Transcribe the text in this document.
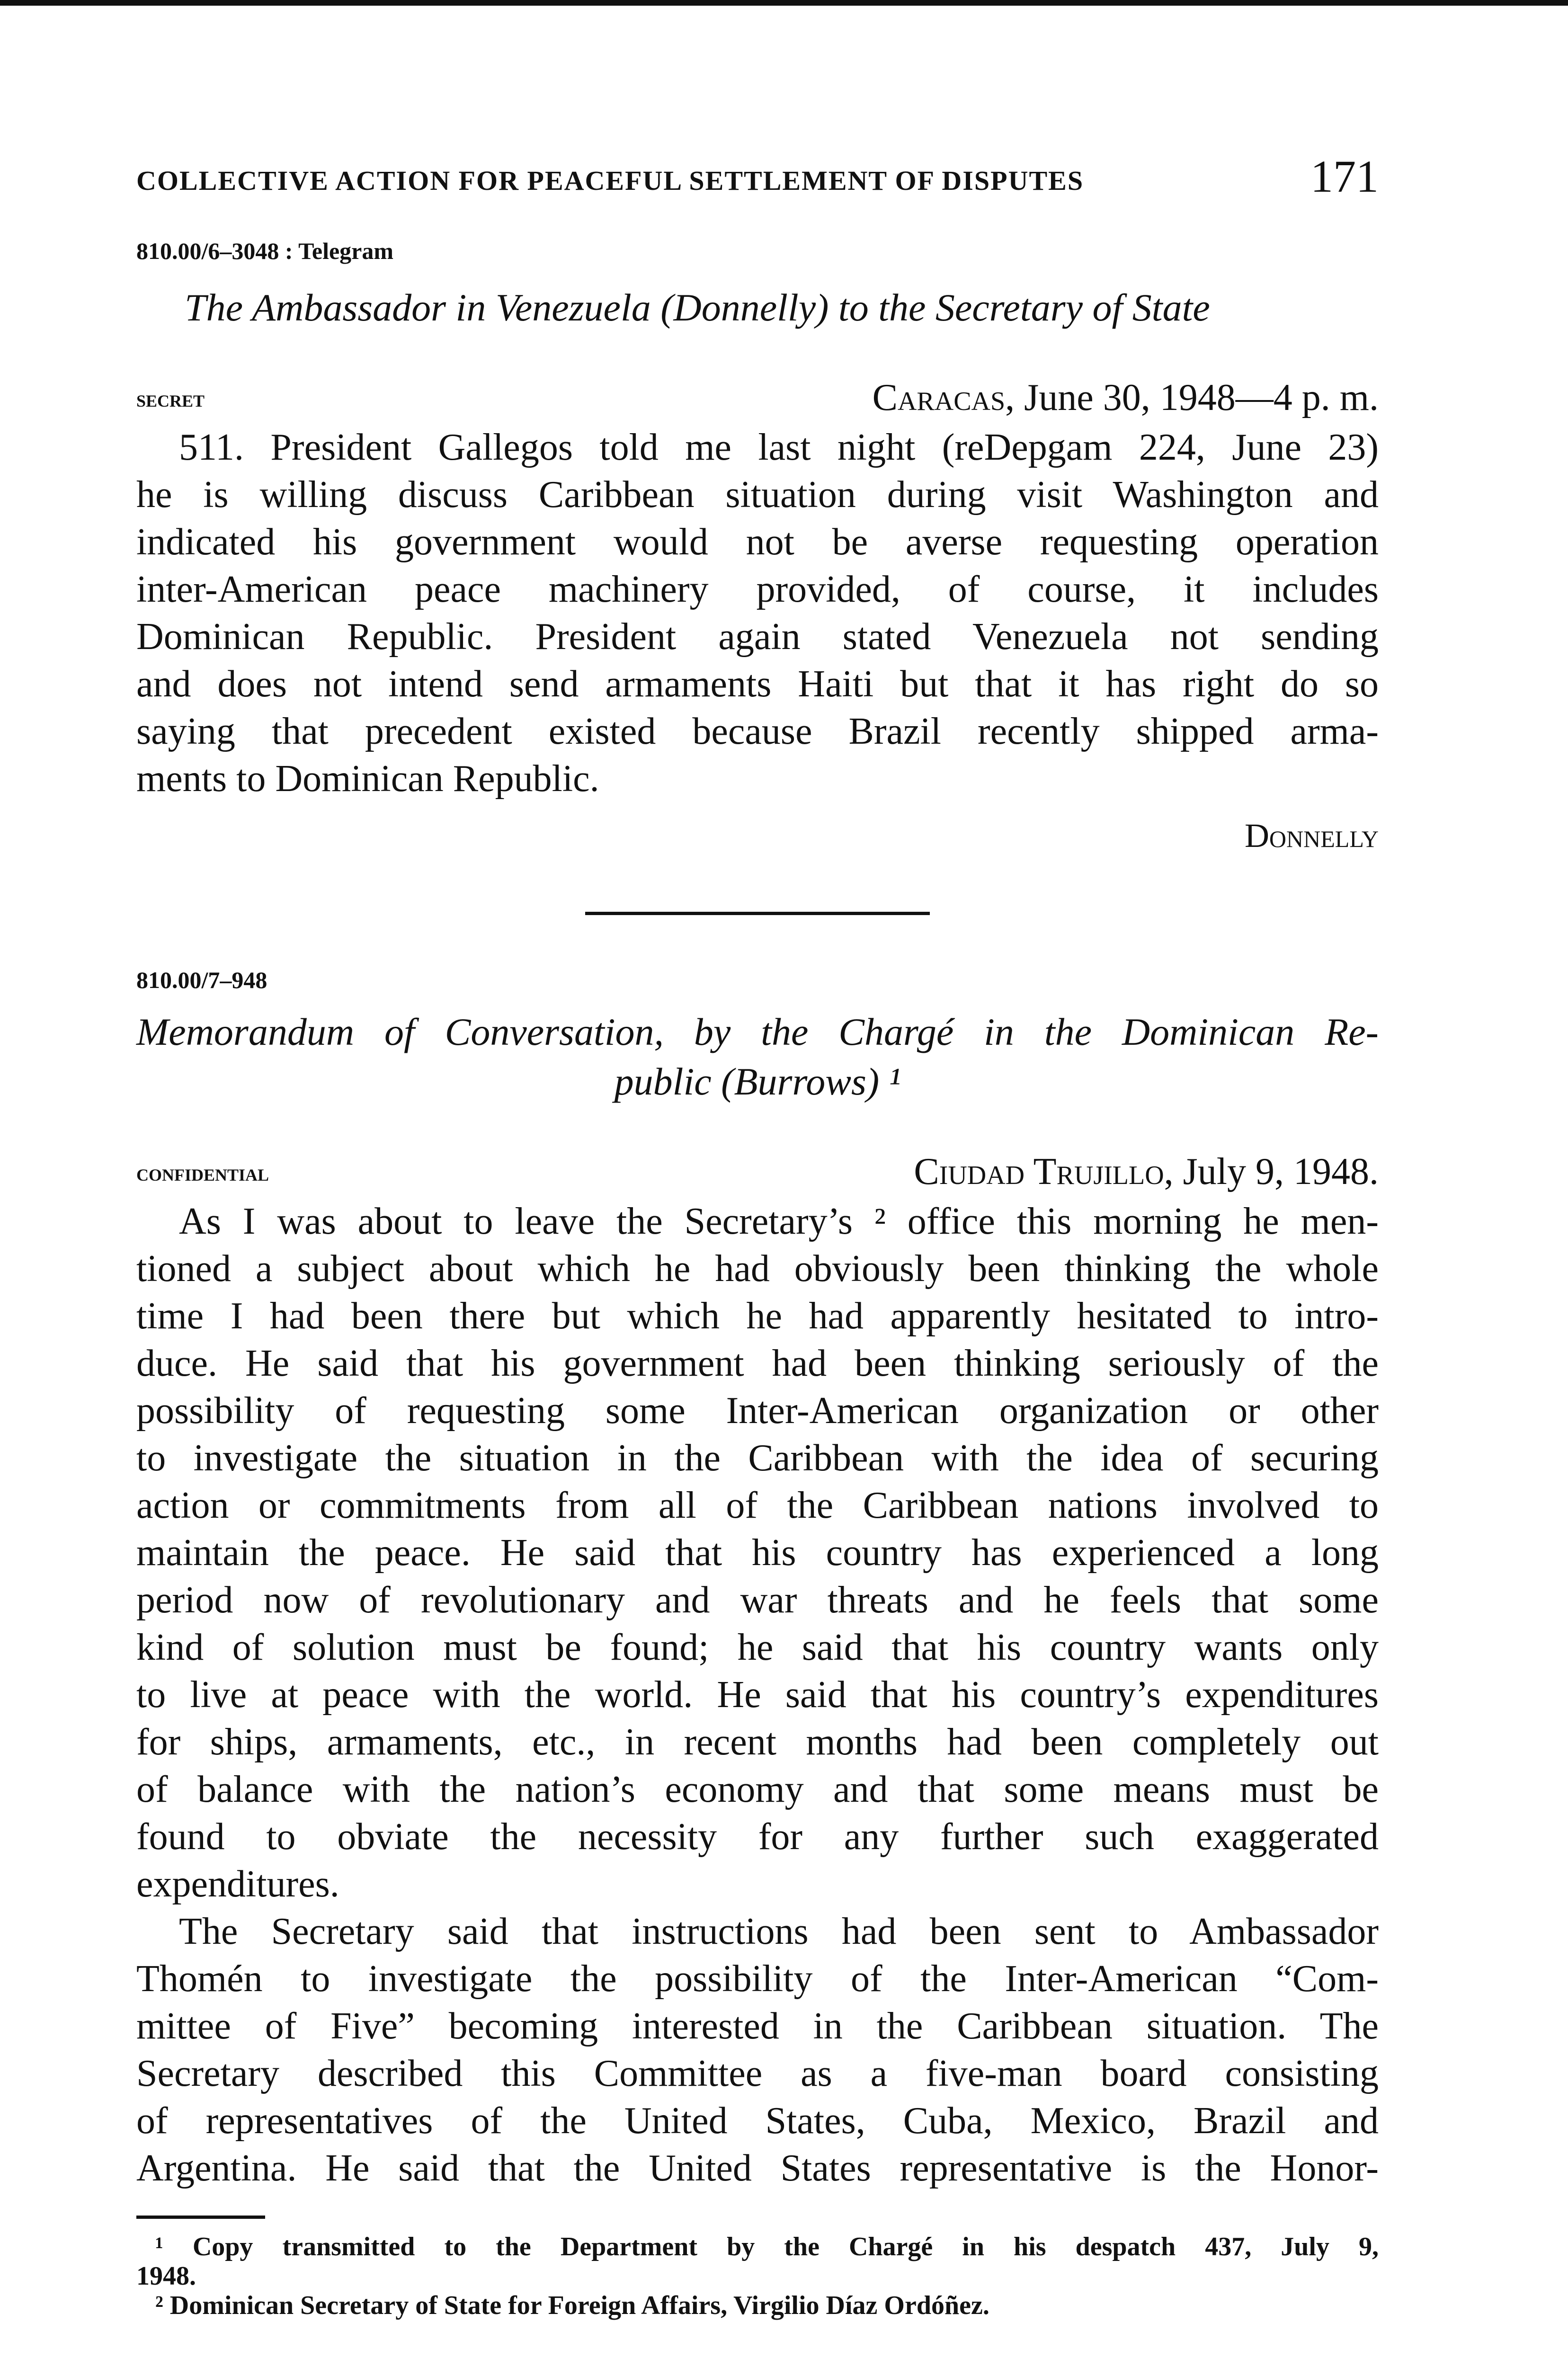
COLLECTIVE ACTION FOR PEACEFUL SETTLEMENT OF DISPUTES	171
810.00/6–3048 : Telegram
The Ambassador in Venezuela (Donnelly) to the Secretary of State
secret	Caracas, June 30, 1948—4 p. m.
511. President Gallegos told me last night (reDepgam 224, June 23)
he is willing discuss Caribbean situation during visit Washington and
indicated his government would not be averse requesting operation
inter-American peace machinery provided, of course, it includes
Dominican Republic. President again stated Venezuela not sending
and does not intend send armaments Haiti but that it has right do so
saying that precedent existed because Brazil recently shipped arma-
ments to Dominican Republic.
Donnelly
810.00/7–948
Memorandum of Conversation, by the Chargé in the Dominican Re-
public (Burrows) ¹
confidential	Ciudad Trujillo, July 9, 1948.
As I was about to leave the Secretary’s ² office this morning he men-
tioned a subject about which he had obviously been thinking the whole
time I had been there but which he had apparently hesitated to intro-
duce. He said that his government had been thinking seriously of the
possibility of requesting some Inter-American organization or other
to investigate the situation in the Caribbean with the idea of securing
action or commitments from all of the Caribbean nations involved to
maintain the peace. He said that his country has experienced a long
period now of revolutionary and war threats and he feels that some
kind of solution must be found; he said that his country wants only
to live at peace with the world. He said that his country’s expenditures
for ships, armaments, etc., in recent months had been completely out
of balance with the nation’s economy and that some means must be
found to obviate the necessity for any further such exaggerated
expenditures.
The Secretary said that instructions had been sent to Ambassador
Thomén to investigate the possibility of the Inter-American “Com-
mittee of Five” becoming interested in the Caribbean situation. The
Secretary described this Committee as a five-man board consisting
of representatives of the United States, Cuba, Mexico, Brazil and
Argentina. He said that the United States representative is the Honor-
¹ Copy transmitted to the Department by the Chargé in his despatch 437, July 9,
1948.
² Dominican Secretary of State for Foreign Affairs, Virgilio Díaz Ordóñez.
